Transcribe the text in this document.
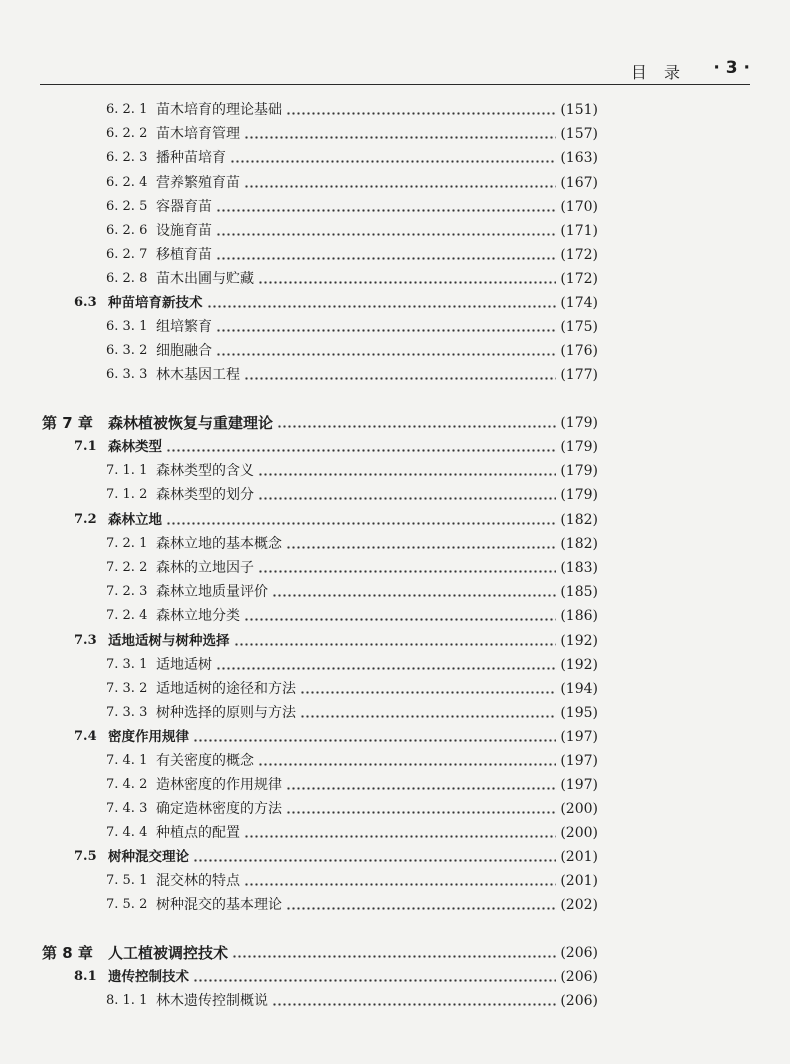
目 录 · 3 ·
6. 2. 1 苗木培育的理论基础	(151)
6. 2. 2 苗木培育管理	(157)
6. 2. 3 播种苗培育	(163)
6. 2. 4 营养繁殖育苗	(167)
6. 2. 5 容器育苗	(170)
6. 2. 6 设施育苗	(171)
6. 2. 7 移植育苗	(172)
6. 2. 8 苗木出圃与贮藏	(172)
6.3 种苗培育新技术	(174)
6. 3. 1 组培繁育	(175)
6. 3. 2 细胞融合	(176)
6. 3. 3 林木基因工程	(177)
第 7 章 森林植被恢复与重建理论	(179)
7.1 森林类型	(179)
7. 1. 1 森林类型的含义	(179)
7. 1. 2 森林类型的划分	(179)
7.2 森林立地	(182)
7. 2. 1 森林立地的基本概念	(182)
7. 2. 2 森林的立地因子	(183)
7. 2. 3 森林立地质量评价	(185)
7. 2. 4 森林立地分类	(186)
7.3 适地适树与树种选择	(192)
7. 3. 1 适地适树	(192)
7. 3. 2 适地适树的途径和方法	(194)
7. 3. 3 树种选择的原则与方法	(195)
7.4 密度作用规律	(197)
7. 4. 1 有关密度的概念	(197)
7. 4. 2 造林密度的作用规律	(197)
7. 4. 3 确定造林密度的方法	(200)
7. 4. 4 种植点的配置	(200)
7.5 树种混交理论	(201)
7. 5. 1 混交林的特点	(201)
7. 5. 2 树种混交的基本理论	(202)
第 8 章 人工植被调控技术	(206)
8.1 遗传控制技术	(206)
8. 1. 1 林木遗传控制概说	(206)
